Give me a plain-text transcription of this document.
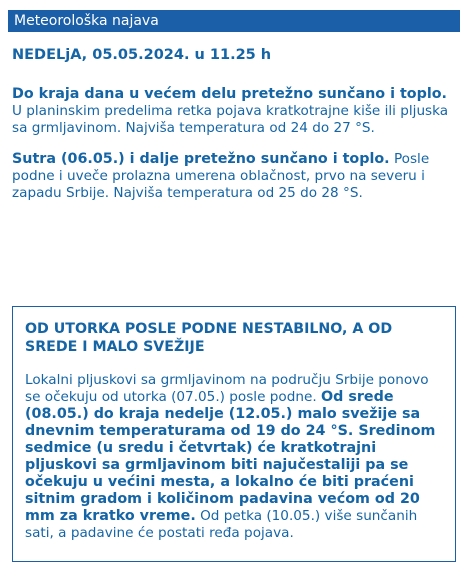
Meteorološka najava
NEDELjA, 05.05.2024. u 11.25 h

Do kraja dana u većem delu pretežno sunčano i toplo. U planinskim predelima retka pojava kratkotrajne kiše ili pljuska sa grmljavinom. Najviša temperatura od 24 do 27 °S.

Sutra (06.05.) i dalje pretežno sunčano i toplo. Posle podne i uveče prolazna umerena oblačnost, prvo na severu i zapadu Srbije. Najviša temperatura od 25 do 28 °S.

OD UTORKA POSLE PODNE NESTABILNO, A OD SREDE I MALO SVEŽIJE

Lokalni pljuskovi sa grmljavinom na području Srbije ponovo se očekuju od utorka (07.05.) posle podne. Od srede (08.05.) do kraja nedelje (12.05.) malo svežije sa dnevnim temperaturama od 19 do 24 °S. Sredinom sedmice (u sredu i četvrtak) će kratkotrajni pljuskovi sa grmljavinom biti najučestaliji pa se očekuju u većini mesta, a lokalno će biti praćeni sitnim gradom i količinom padavina većom od 20 mm za kratko vreme. Od petka (10.05.) više sunčanih sati, a padavine će postati ređa pojava.
